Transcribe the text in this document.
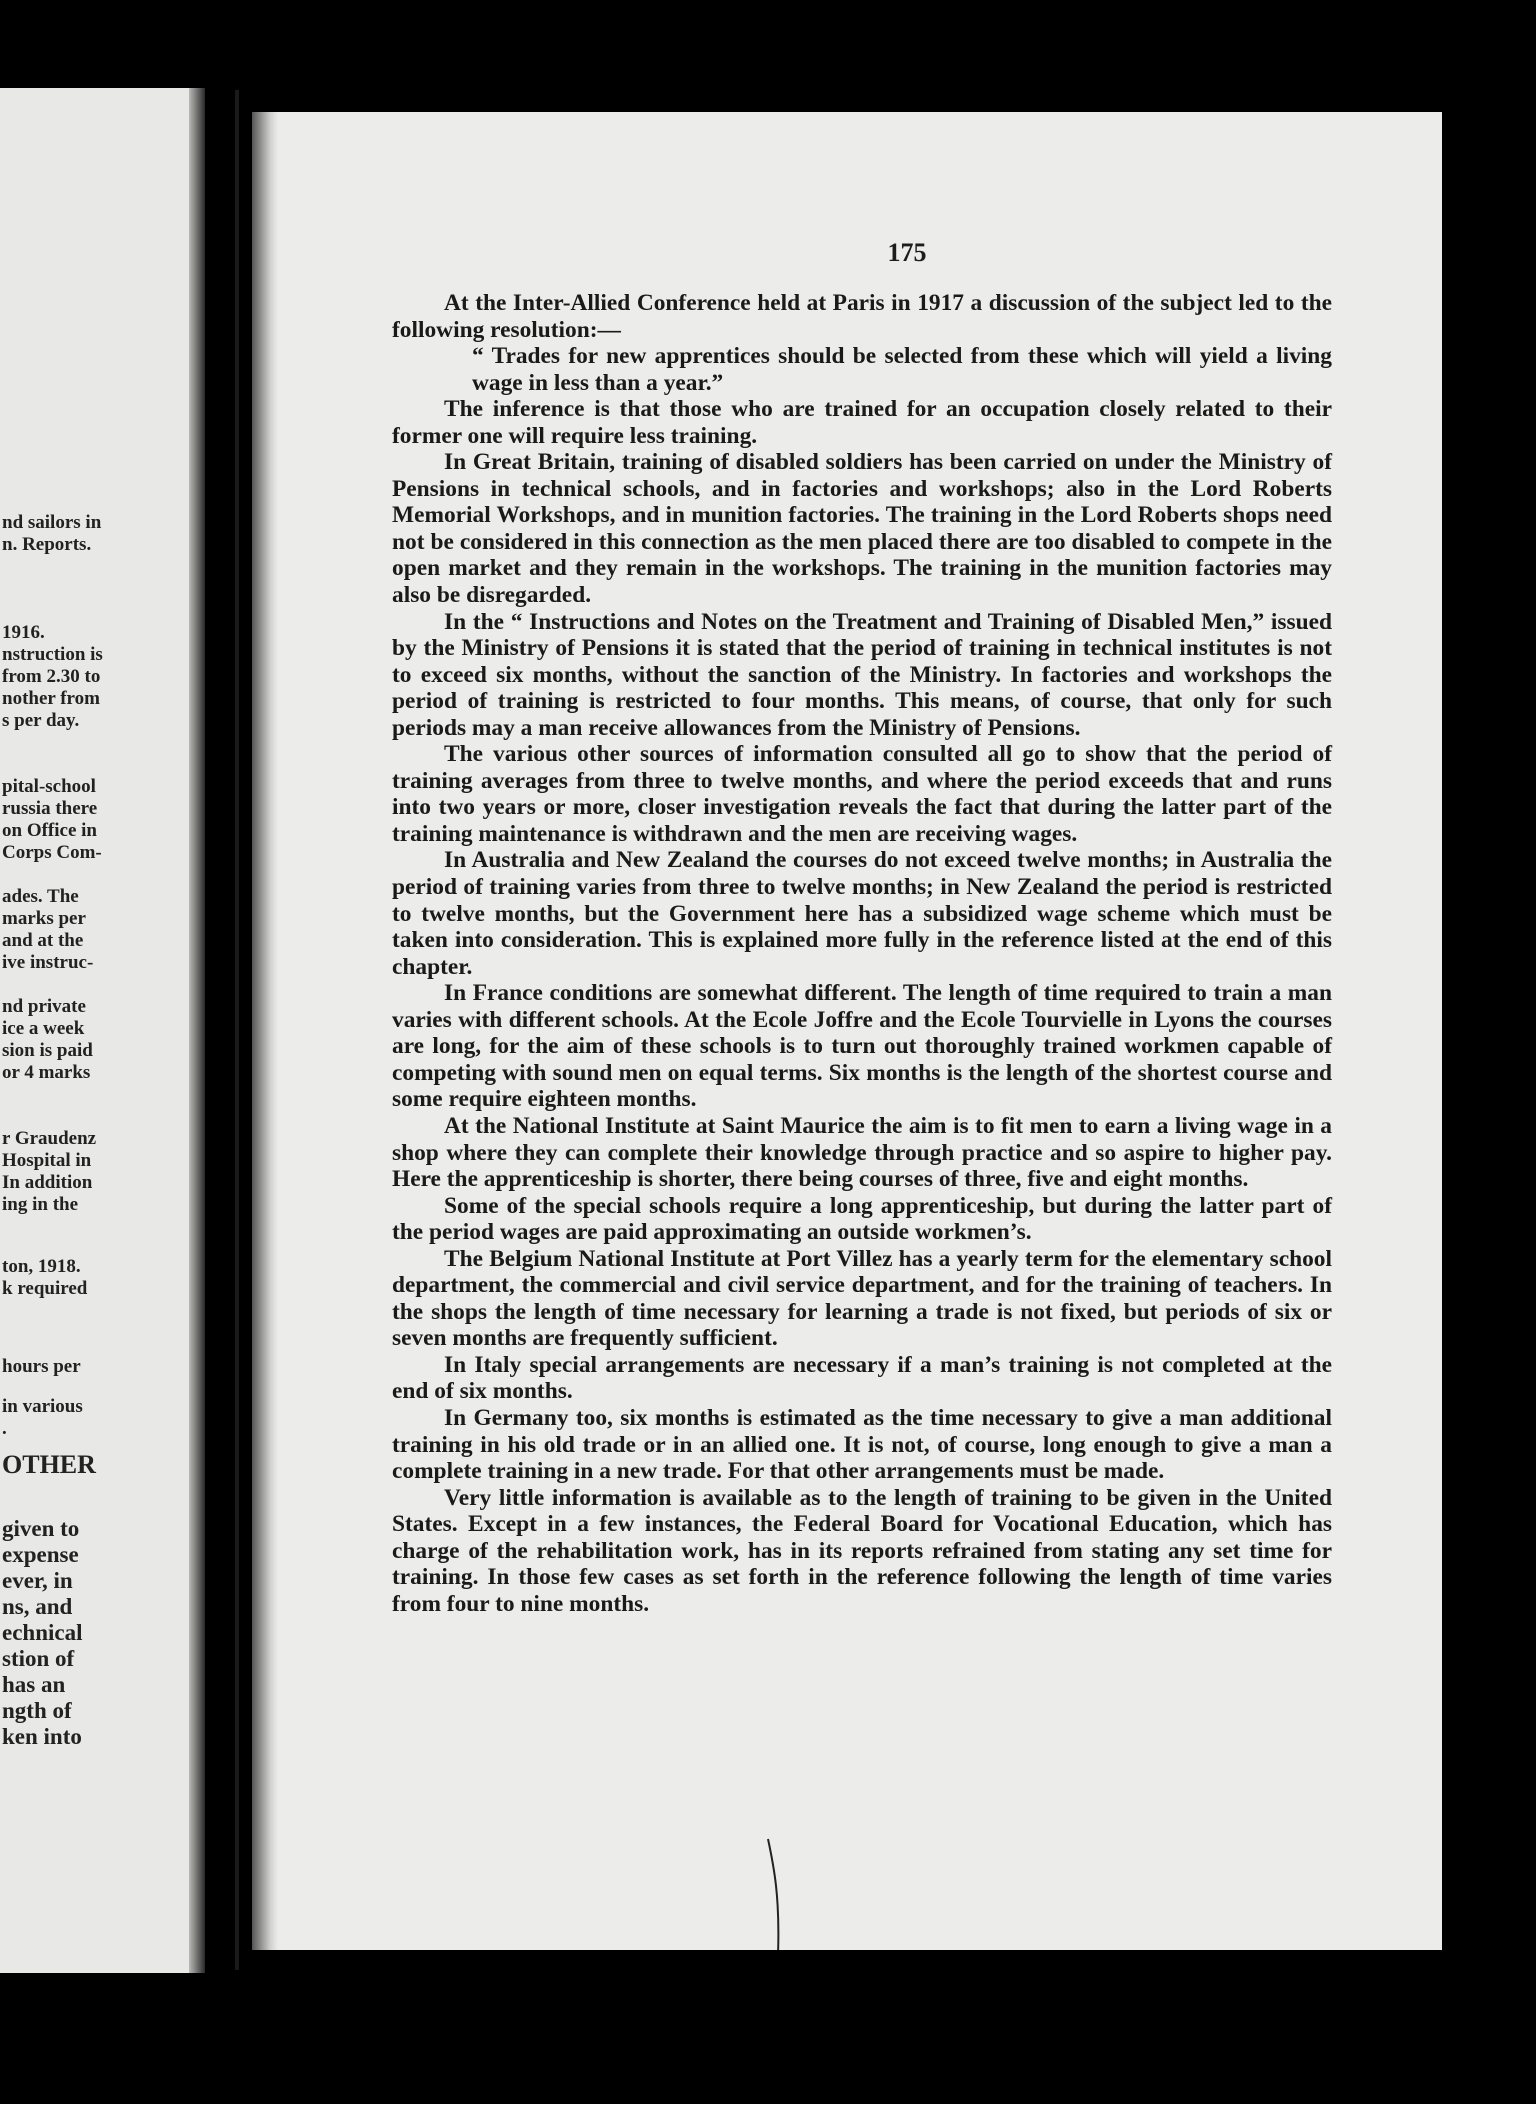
nd sailors in
n. Reports.
1916.
nstruction is
from 2.30 to
nother from
s per day.
pital-school
russia there
on Office in
Corps Com-
ades. The
marks per
and at the
ive instruc-
nd private
ice a week
sion is paid
or 4 marks
r Graudenz
Hospital in
In addition
ing in the
ton, 1918.
k required
hours per
in various
.
OTHER
given to
expense
ever, in
ns, and
echnical
stion of
has an
ngth of
ken into
175

At the Inter-Allied Conference held at Paris in 1917 a discussion of the subject led to the following resolution:—

“ Trades for new apprentices should be selected from these which will yield a living wage in less than a year.”

The inference is that those who are trained for an occupation closely related to their former one will require less training.

In Great Britain, training of disabled soldiers has been carried on under the Ministry of Pensions in technical schools, and in factories and workshops; also in the Lord Roberts Memorial Workshops, and in munition factories. The training in the Lord Roberts shops need not be considered in this connection as the men placed there are too disabled to compete in the open market and they remain in the workshops. The training in the munition factories may also be disregarded.

In the “ Instructions and Notes on the Treatment and Training of Disabled Men,” issued by the Ministry of Pensions it is stated that the period of training in technical institutes is not to exceed six months, without the sanction of the Ministry. In factories and workshops the period of training is restricted to four months. This means, of course, that only for such periods may a man receive allowances from the Ministry of Pensions.

The various other sources of information consulted all go to show that the period of training averages from three to twelve months, and where the period exceeds that and runs into two years or more, closer investigation reveals the fact that during the latter part of the training maintenance is withdrawn and the men are receiving wages.

In Australia and New Zealand the courses do not exceed twelve months; in Australia the period of training varies from three to twelve months; in New Zealand the period is restricted to twelve months, but the Government here has a subsidized wage scheme which must be taken into consideration. This is explained more fully in the reference listed at the end of this chapter.

In France conditions are somewhat different. The length of time required to train a man varies with different schools. At the Ecole Joffre and the Ecole Tourvielle in Lyons the courses are long, for the aim of these schools is to turn out thoroughly trained workmen capable of competing with sound men on equal terms. Six months is the length of the shortest course and some require eighteen months.

At the National Institute at Saint Maurice the aim is to fit men to earn a living wage in a shop where they can complete their knowledge through practice and so aspire to higher pay. Here the apprenticeship is shorter, there being courses of three, five and eight months.

Some of the special schools require a long apprenticeship, but during the latter part of the period wages are paid approximating an outside workmen’s.

The Belgium National Institute at Port Villez has a yearly term for the elementary school department, the commercial and civil service department, and for the training of teachers. In the shops the length of time necessary for learning a trade is not fixed, but periods of six or seven months are frequently sufficient.

In Italy special arrangements are necessary if a man’s training is not completed at the end of six months.

In Germany too, six months is estimated as the time necessary to give a man additional training in his old trade or in an allied one. It is not, of course, long enough to give a man a complete training in a new trade. For that other arrangements must be made.

Very little information is available as to the length of training to be given in the United States. Except in a few instances, the Federal Board for Vocational Education, which has charge of the rehabilitation work, has in its reports refrained from stating any set time for training. In those few cases as set forth in the reference following the length of time varies from four to nine months.
